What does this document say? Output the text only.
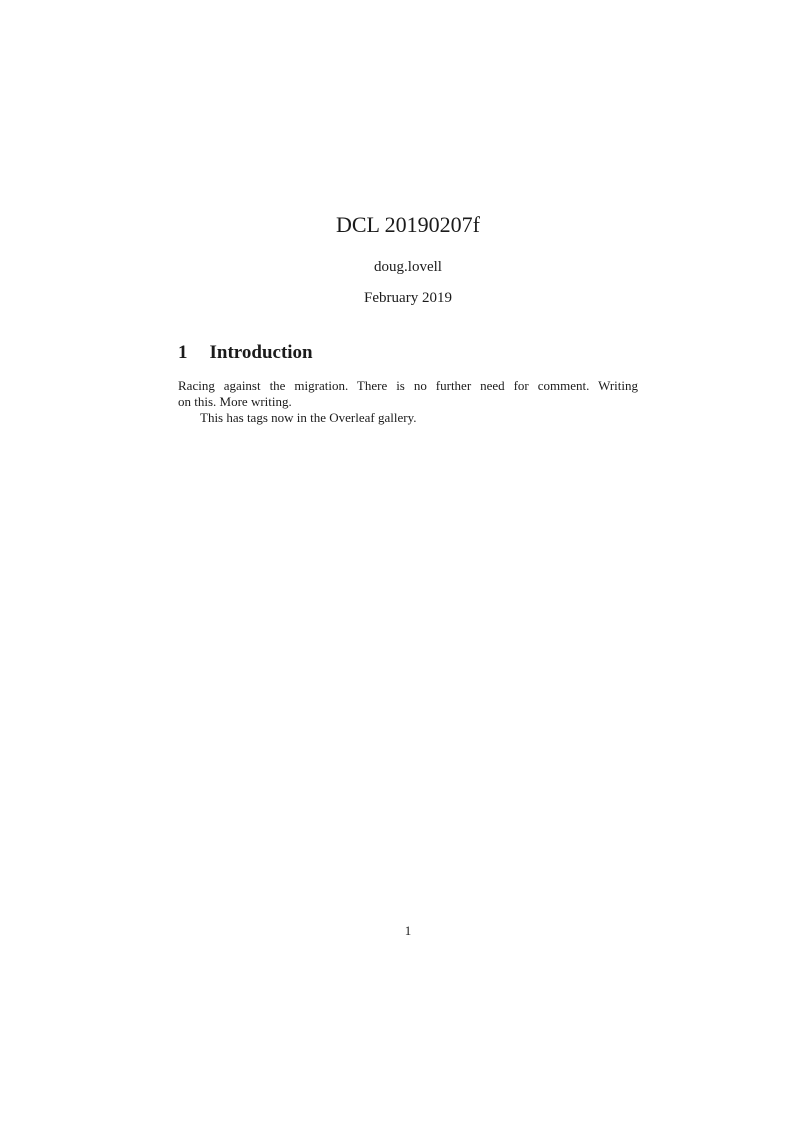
DCL 20190207f
doug.lovell
February 2019
1 Introduction

Racing against the migration. There is no further need for comment. Writing
on this. More writing.

This has tags now in the Overleaf gallery.

1
